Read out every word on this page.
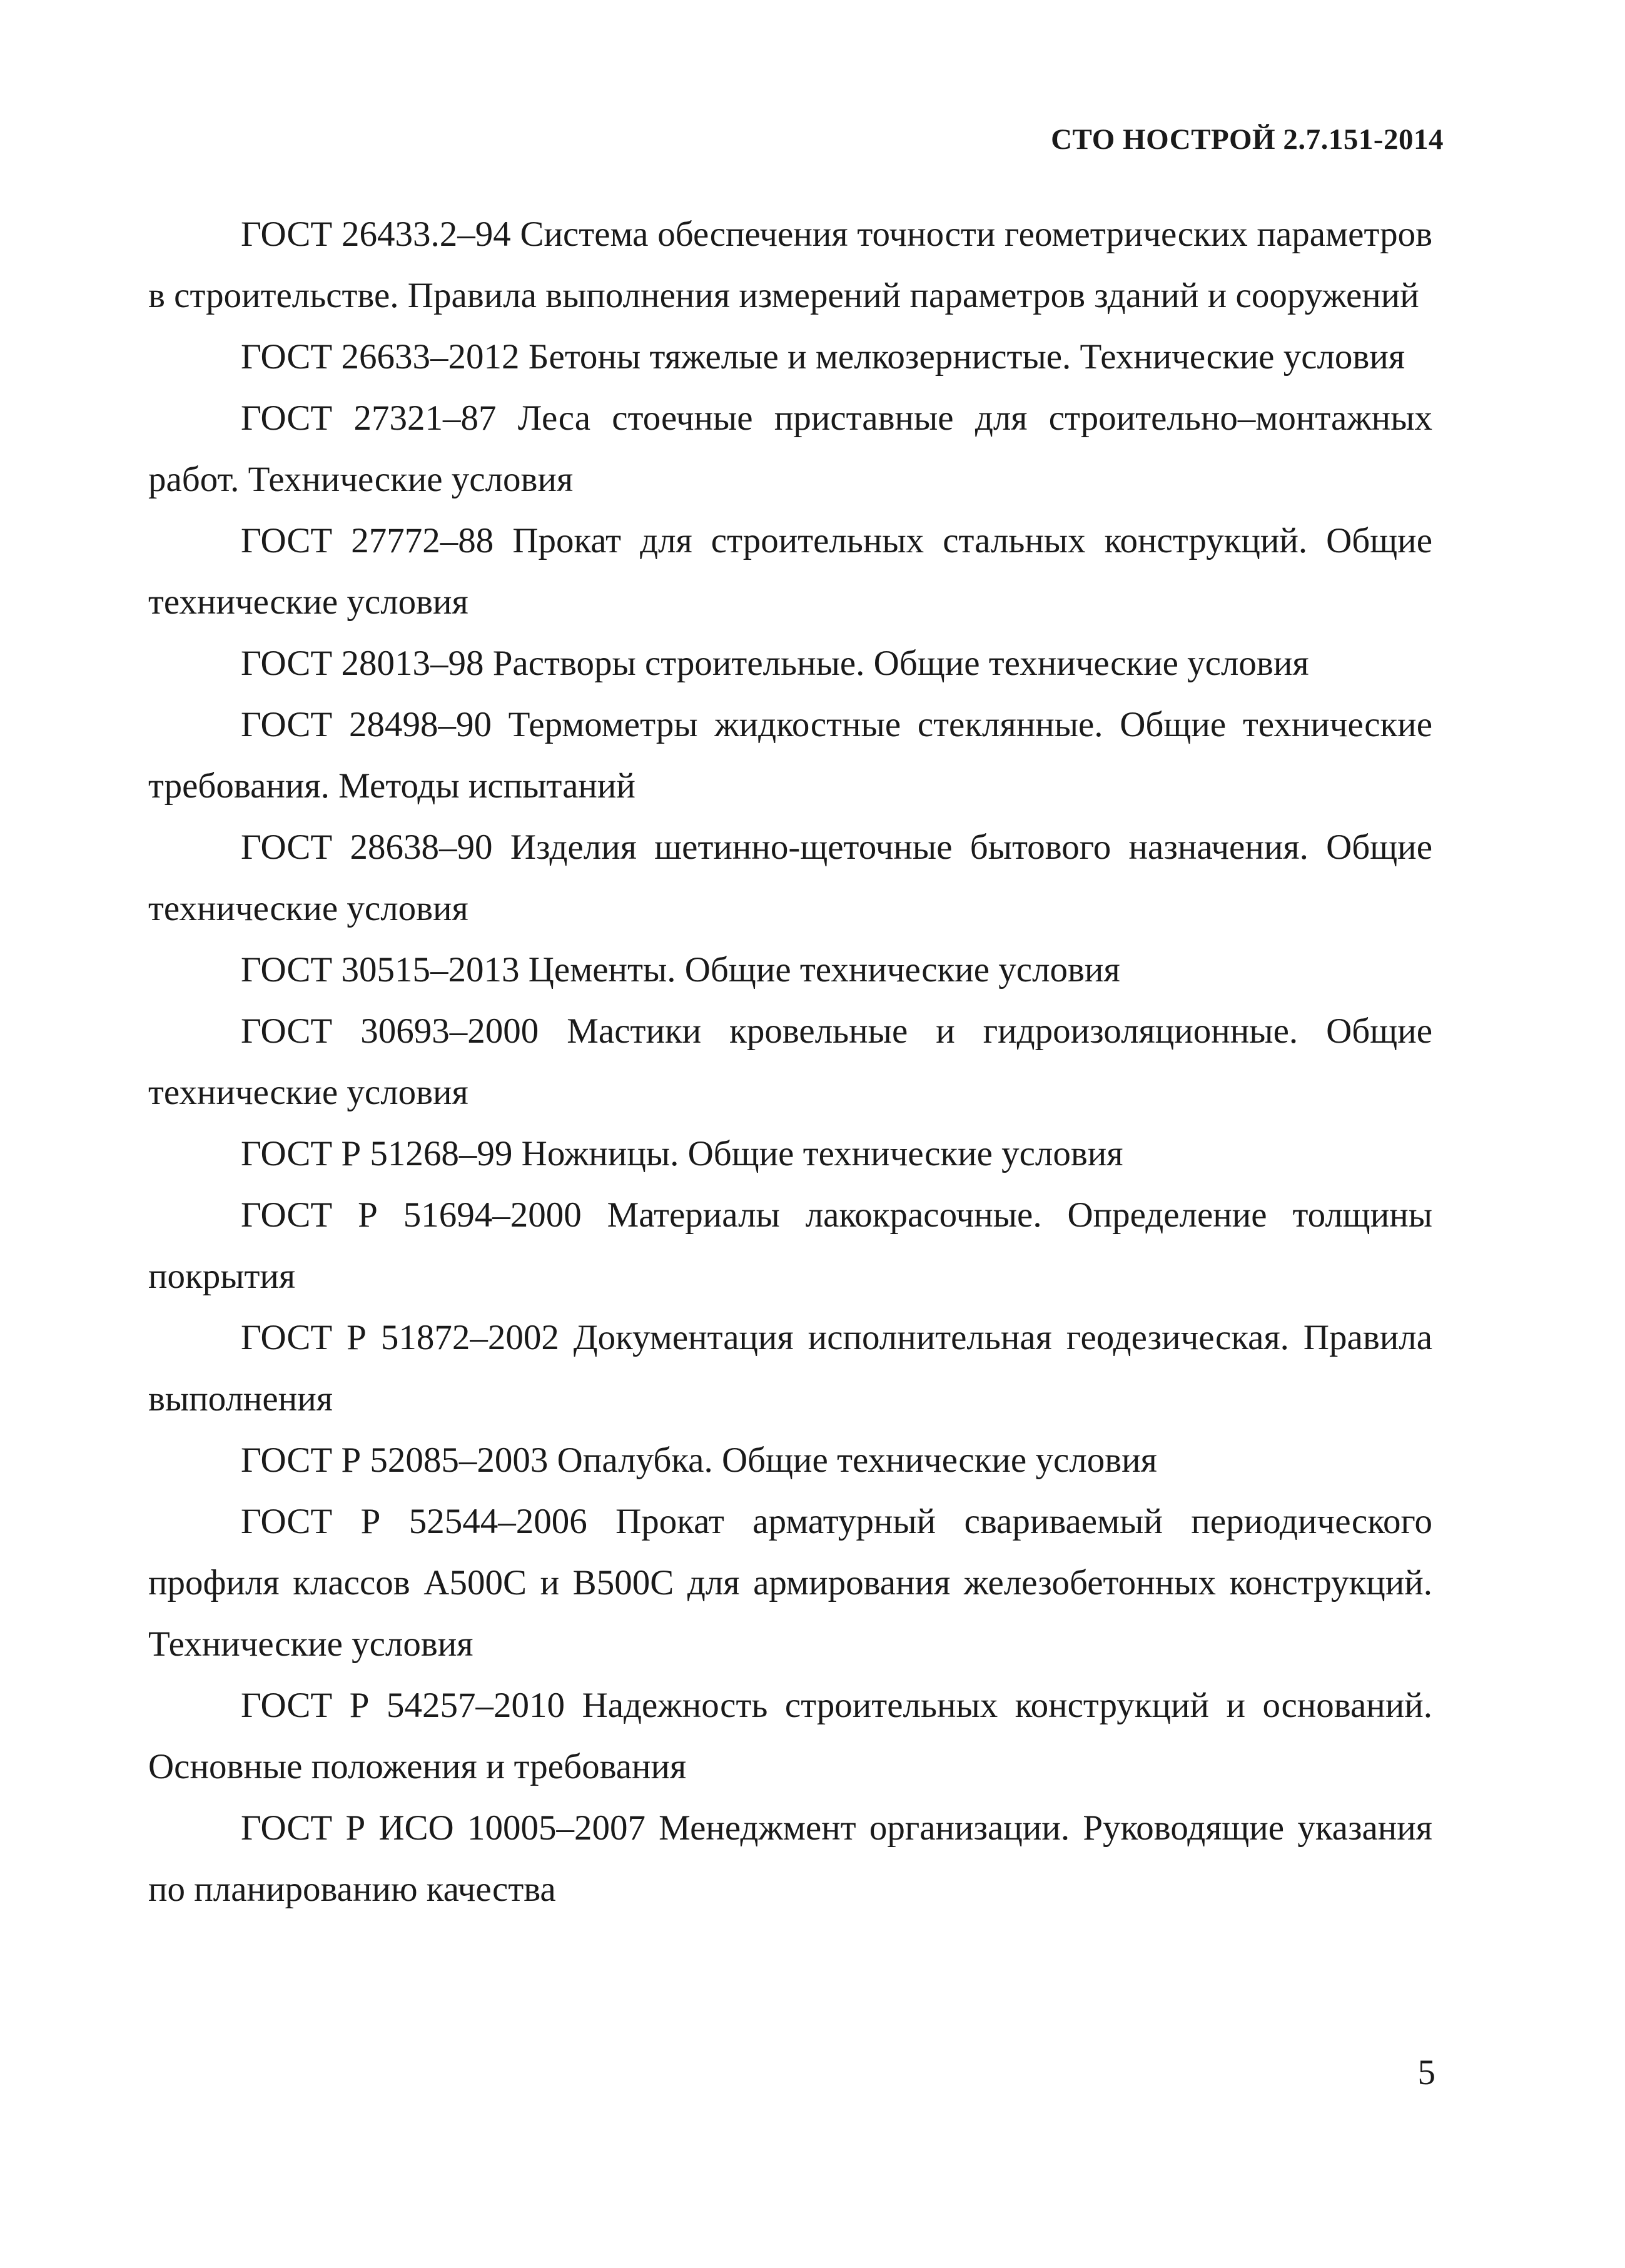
СТО НОСТРОЙ 2.7.151-2014

ГОСТ 26433.2–94 Система обеспечения точности геометрических параметров в строительстве. Правила выполнения измерений параметров зданий и сооружений

ГОСТ 26633–2012 Бетоны тяжелые и мелкозернистые. Технические условия

ГОСТ 27321–87 Леса стоечные приставные для строительно–монтажных работ. Технические условия

ГОСТ 27772–88 Прокат для строительных стальных конструкций. Общие технические условия

ГОСТ 28013–98 Растворы строительные. Общие технические условия

ГОСТ 28498–90 Термометры жидкостные стеклянные. Общие технические требования. Методы испытаний

ГОСТ 28638–90 Изделия шетинно-щеточные бытового назначения. Общие технические условия

ГОСТ 30515–2013 Цементы. Общие технические условия

ГОСТ 30693–2000 Мастики кровельные и гидроизоляционные. Общие технические условия

ГОСТ Р 51268–99 Ножницы. Общие технические условия

ГОСТ Р 51694–2000 Материалы лакокрасочные. Определение толщины покрытия

ГОСТ Р 51872–2002 Документация исполнительная геодезическая. Правила выполнения

ГОСТ Р 52085–2003 Опалубка. Общие технические условия

ГОСТ Р 52544–2006 Прокат арматурный свариваемый периодического профиля классов А500С и В500С для армирования железобетонных конструкций. Технические условия

ГОСТ Р 54257–2010 Надежность строительных конструкций и оснований. Основные положения и требования

ГОСТ Р ИСО 10005–2007 Менеджмент организации. Руководящие указания по планированию качества

5
